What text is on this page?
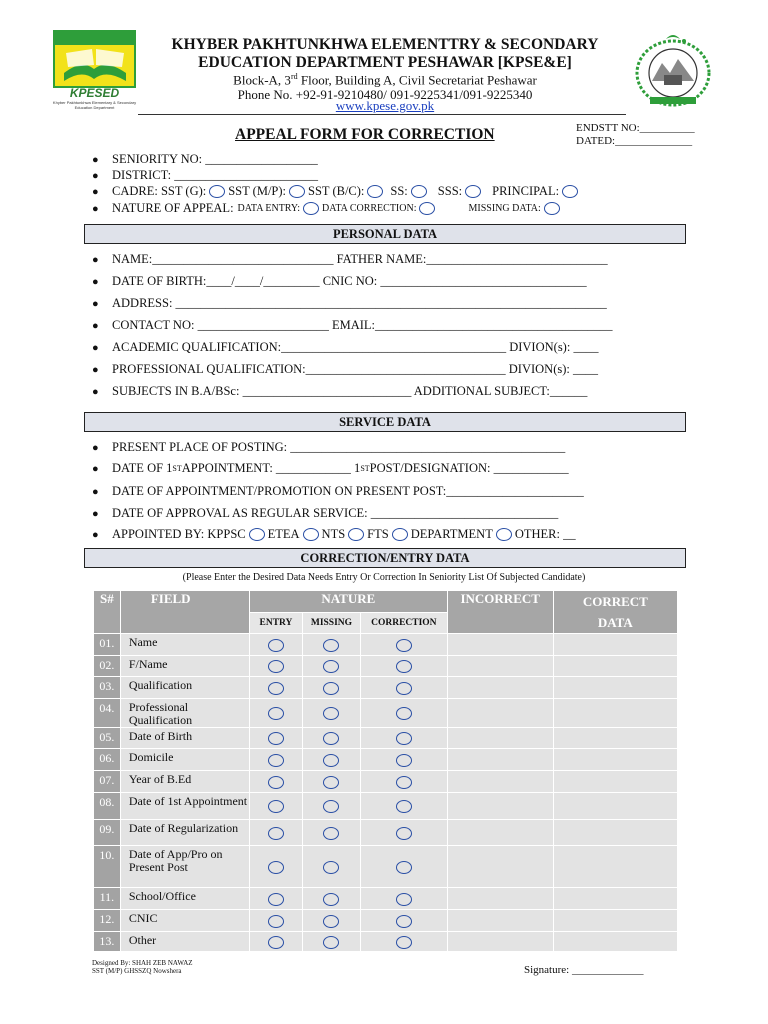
KPESED
Khyber Pakhtunkhwa Elementary & Secondary Education Department
KHYBER PAKHTUNKHWA ELEMENTTRY & SECONDARY
EDUCATION DEPARTMENT PESHAWAR [KPSE&E]
Block-A, 3rd Floor, Building A, Civil Secretariat Peshawar
Phone No. +92-91-9210480/ 091-9225341/091-9225340
www.kpese.gov.pk
APPEAL FORM FOR CORRECTION	ENDSTT NO:__________
DATED:______________
●	SENIORITY NO: __________________
●	DISTRICT: _______________________
●	CADRE: SST (G): SST (M/P): SST (B/C): SS: SSS: PRINCIPAL:
●	NATURE OF APPEAL: DATA ENTRY: DATA CORRECTION:	MISSING DATA:
PERSONAL DATA
●	NAME:_____________________________ FATHER NAME:_____________________________
●	DATE OF BIRTH:____/____/_________ CNIC NO: _________________________________
●	ADDRESS: _____________________________________________________________________
●	CONTACT NO: _____________________ EMAIL:______________________________________
●	ACADEMIC QUALIFICATION:____________________________________ DIVION(s): ____
●	PROFESSIONAL QUALIFICATION:________________________________ DIVION(s): ____
●	SUBJECTS IN B.A/BSc: ___________________________ ADDITIONAL SUBJECT:______
SERVICE DATA
●	PRESENT PLACE OF POSTING: ____________________________________________
●	DATE OF 1 ST APPOINTMENT: ____________ 1 ST POST/DESIGNATION: ____________
●	DATE OF APPOINTMENT/PROMOTION ON PRESENT POST:______________________
●	DATE OF APPROVAL AS REGULAR SERVICE: ______________________________
●	APPOINTED BY: KPPSC ETEA NTS FTS DEPARTMENT OTHER: __
CORRECTION/ENTRY DATA
(Please Enter the Desired Data Needs Entry Or Correction In Seniority List Of Subjected Candidate)
S#	FIELD	NATURE			INCORRECT	CORRECT
DATA
		ENTRY	MISSING	CORRECTION		
01.	Name					
02.	F/Name					
03.	Qualification					
04.	Professional Qualification					
05.	Date of Birth					
06.	Domicile					
07.	Year of B.Ed					
08.	Date of 1st Appointment					
09.	Date of Regularization					
10.	Date of App/Pro on Present Post					
11.	School/Office					
12.	CNIC					
13.	Other					
Designed By: SHAH ZEB NAWAZ
SST (M/P) GHSSZQ Nowshera	Signature: _____________
